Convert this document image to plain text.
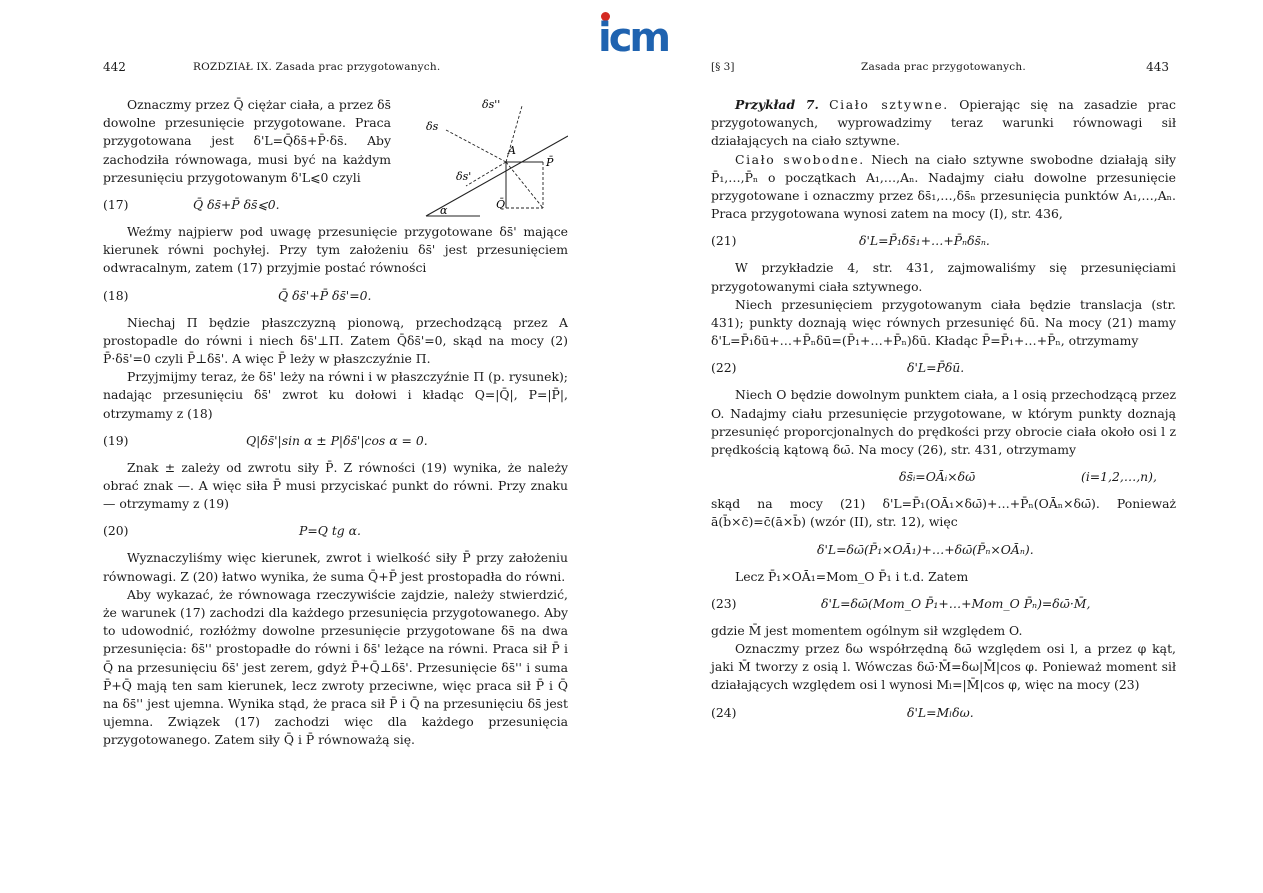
icm
442	ROZDZIAŁ IX. Zasada prac przygotowanych.
δs''
δs
δs'
A
P̄
Q̄
α
Oznaczmy przez Q̄ ciężar ciała, a przez δs̄ dowolne przesunięcie przygotowane. Praca przygotowana jest δ'L=Q̄δs̄+P̄·δs̄. Aby zachodziła równowaga, musi być na każdym przesunięciu przygotowanym δ'L⩽0 czyli
(17)	Q̄ δs̄+P̄ δs̄⩽0.
Weźmy najpierw pod uwagę przesunięcie przygotowane δs̄' mające kierunek równi pochyłej. Przy tym założeniu δs̄' jest przesunięciem odwracalnym, zatem (17) przyjmie postać równości
(18)	Q̄ δs̄'+P̄ δs̄'=0.
Niechaj Π będzie płaszczyzną pionową, przechodzącą przez A prostopadle do równi i niech δs̄'⊥Π. Zatem Q̄δs̄'=0, skąd na mocy (2) P̄·δs̄'=0 czyli P̄⊥δs̄'. A więc P̄ leży w płaszczyźnie Π.
Przyjmijmy teraz, że δs̄' leży na równi i w płaszczyźnie Π (p. rysunek); nadając przesunięciu δs̄' zwrot ku dołowi i kładąc Q=|Q̄|, P=|P̄|, otrzymamy z (18)
(19)	Q|δs̄'|sin α ± P|δs̄'|cos α = 0.
Znak ± zależy od zwrotu siły P̄. Z równości (19) wynika, że należy obrać znak —. A więc siła P̄ musi przyciskać punkt do równi. Przy znaku — otrzymamy z (19)
(20)	P=Q tg α.
Wyznaczyliśmy więc kierunek, zwrot i wielkość siły P̄ przy założeniu równowagi. Z (20) łatwo wynika, że suma Q̄+P̄ jest prostopadła do równi.
Aby wykazać, że równowaga rzeczywiście zajdzie, należy stwierdzić, że warunek (17) zachodzi dla każdego przesunięcia przygotowanego. Aby to udowodnić, rozłóżmy dowolne przesunięcie przygotowane δs̄ na dwa przesunięcia: δs̄'' prostopadłe do równi i δs̄' leżące na równi. Praca sił P̄ i Q̄ na przesunięciu δs̄' jest zerem, gdyż P̄+Q̄⊥δs̄'. Przesunięcie δs̄'' i suma P̄+Q̄ mają ten sam kierunek, lecz zwroty przeciwne, więc praca sił P̄ i Q̄ na δs̄'' jest ujemna. Wynika stąd, że praca sił P̄ i Q̄ na przesunięciu δs̄ jest ujemna. Związek (17) zachodzi więc dla każdego przesunięcia przygotowanego. Zatem siły Q̄ i P̄ równoważą się.
[§ 3]	Zasada prac przygotowanych.	443
Przykład 7. Ciało sztywne. Opierając się na zasadzie prac przygotowanych, wyprowadzimy teraz warunki równowagi sił działających na ciało sztywne.
Ciało swobodne. Niech na ciało sztywne swobodne działają siły P̄₁,…,P̄ₙ o początkach A₁,…,Aₙ. Nadajmy ciału dowolne przesunięcie przygotowane i oznaczmy przez δs̄₁,…,δs̄ₙ przesunięcia punktów A₁,…,Aₙ. Praca przygotowana wynosi zatem na mocy (I), str. 436,
(21)	δ'L=P̄₁δs̄₁+…+P̄ₙδs̄ₙ.
W przykładzie 4, str. 431, zajmowaliśmy się przesunięciami przygotowanymi ciała sztywnego.
Niech przesunięciem przygotowanym ciała będzie translacja (str. 431); punkty doznają więc równych przesunięć δū. Na mocy (21) mamy δ'L=P̄₁δū+…+P̄ₙδū=(P̄₁+…+P̄ₙ)δū. Kładąc P̄=P̄₁+…+P̄ₙ, otrzymamy
(22)	δ'L=P̄δū.
Niech O będzie dowolnym punktem ciała, a l osią przechodzącą przez O. Nadajmy ciału przesunięcie przygotowane, w którym punkty doznają przesunięć proporcjonalnych do prędkości przy obrocie ciała około osi l z prędkością kątową δω̄. Na mocy (26), str. 431, otrzymamy
δs̄ᵢ=OĀᵢ×δω̄	(i=1,2,…,n),
skąd na mocy (21) δ'L=P̄₁(OĀ₁×δω̄)+…+P̄ₙ(OĀₙ×δω̄). Ponieważ ā(b̄×c̄)=c̄(ā×b̄) (wzór (II), str. 12), więc
δ'L=δω̄(P̄₁×OĀ₁)+…+δω̄(P̄ₙ×OĀₙ).
Lecz P̄₁×OĀ₁=Mom_O P̄₁ i t.d. Zatem
(23)	δ'L=δω̄(Mom_O P̄₁+…+Mom_O P̄ₙ)=δω̄·M̄,
gdzie M̄ jest momentem ogólnym sił względem O.
Oznaczmy przez δω współrzędną δω̄ względem osi l, a przez φ kąt, jaki M̄ tworzy z osią l. Wówczas δω̄·M̄=δω|M̄|cos φ. Ponieważ moment sił działających względem osi l wynosi Mₗ=|M̄|cos φ, więc na mocy (23)
(24)	δ'L=Mₗδω.
